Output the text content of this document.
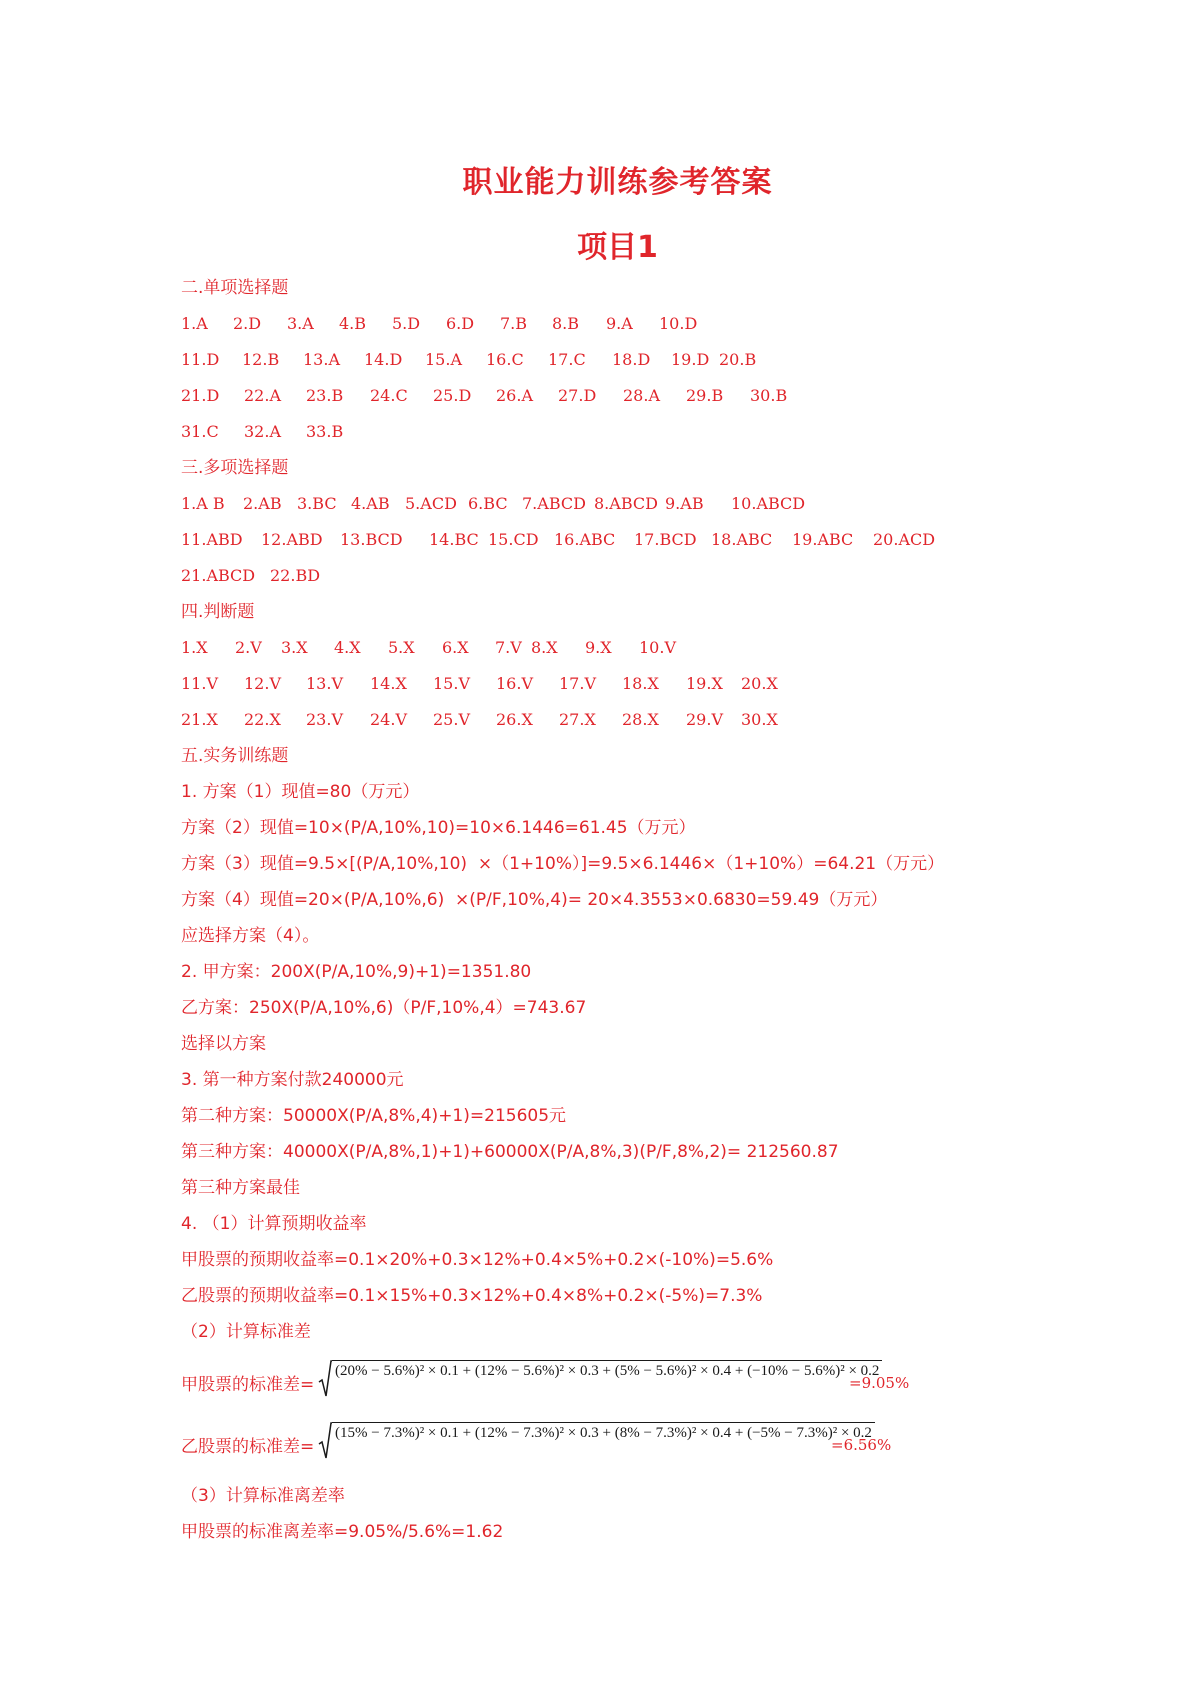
职业能力训练参考答案
项目1
二.单项选择题
1.A 2.D 3.A 4.B 5.D 6.D 7.B 8.B 9.A 10.D
11.D 12.B 13.A 14.D 15.A 16.C 17.C 18.D 19.D 20.B
21.D 22.A 23.B 24.C 25.D 26.A 27.D 28.A 29.B 30.B
31.C 32.A 33.B
三.多项选择题
1.A B 2.AB 3.BC 4.AB 5.ACD 6.BC 7.ABCD 8.ABCD 9.AB 10.ABCD
11.ABD 12.ABD 13.BCD 14.BC 15.CD 16.ABC 17.BCD 18.ABC 19.ABC 20.ACD
21.ABCD 22.BD
四.判断题
1.X 2.V 3.X 4.X 5.X 6.X 7.V 8.X 9.X 10.V
11.V 12.V 13.V 14.X 15.V 16.V 17.V 18.X 19.X 20.X
21.X 22.X 23.V 24.V 25.V 26.X 27.X 28.X 29.V 30.X
五.实务训练题
1. 方案（1）现值=80（万元）
方案（2）现值=10×(P/A,10%,10)=10×6.1446=61.45（万元）
方案（3）现值=9.5×[(P/A,10%,10)  ×（1+10%）]=9.5×6.1446×（1+10%）=64.21（万元）
方案（4）现值=20×(P/A,10%,6)  ×(P/F,10%,4)= 20×4.3553×0.6830=59.49（万元）
应选择方案（4）。
2. 甲方案：200X(P/A,10%,9)+1)=1351.80
乙方案：250X(P/A,10%,6)（P/F,10%,4）=743.67
选择以方案
3. 第一种方案付款240000元
第二种方案：50000X(P/A,8%,4)+1)=215605元
第三种方案：40000X(P/A,8%,1)+1)+60000X(P/A,8%,3)(P/F,8%,2)= 212560.87
第三种方案最佳
4. （1）计算预期收益率
甲股票的预期收益率=0.1×20%+0.3×12%+0.4×5%+0.2×(-10%)=5.6%
乙股票的预期收益率=0.1×15%+0.3×12%+0.4×8%+0.2×(-5%)=7.3%
（2）计算标准差
甲股票的标准差=
(20% − 5.6%)² × 0.1 + (12% − 5.6%)² × 0.3 + (5% − 5.6%)² × 0.4 + (−10% − 5.6%)² × 0.2
=9.05%
乙股票的标准差=
(15% − 7.3%)² × 0.1 + (12% − 7.3%)² × 0.3 + (8% − 7.3%)² × 0.4 + (−5% − 7.3%)² × 0.2
=6.56%
（3）计算标准离差率
甲股票的标准离差率=9.05%/5.6%=1.62
